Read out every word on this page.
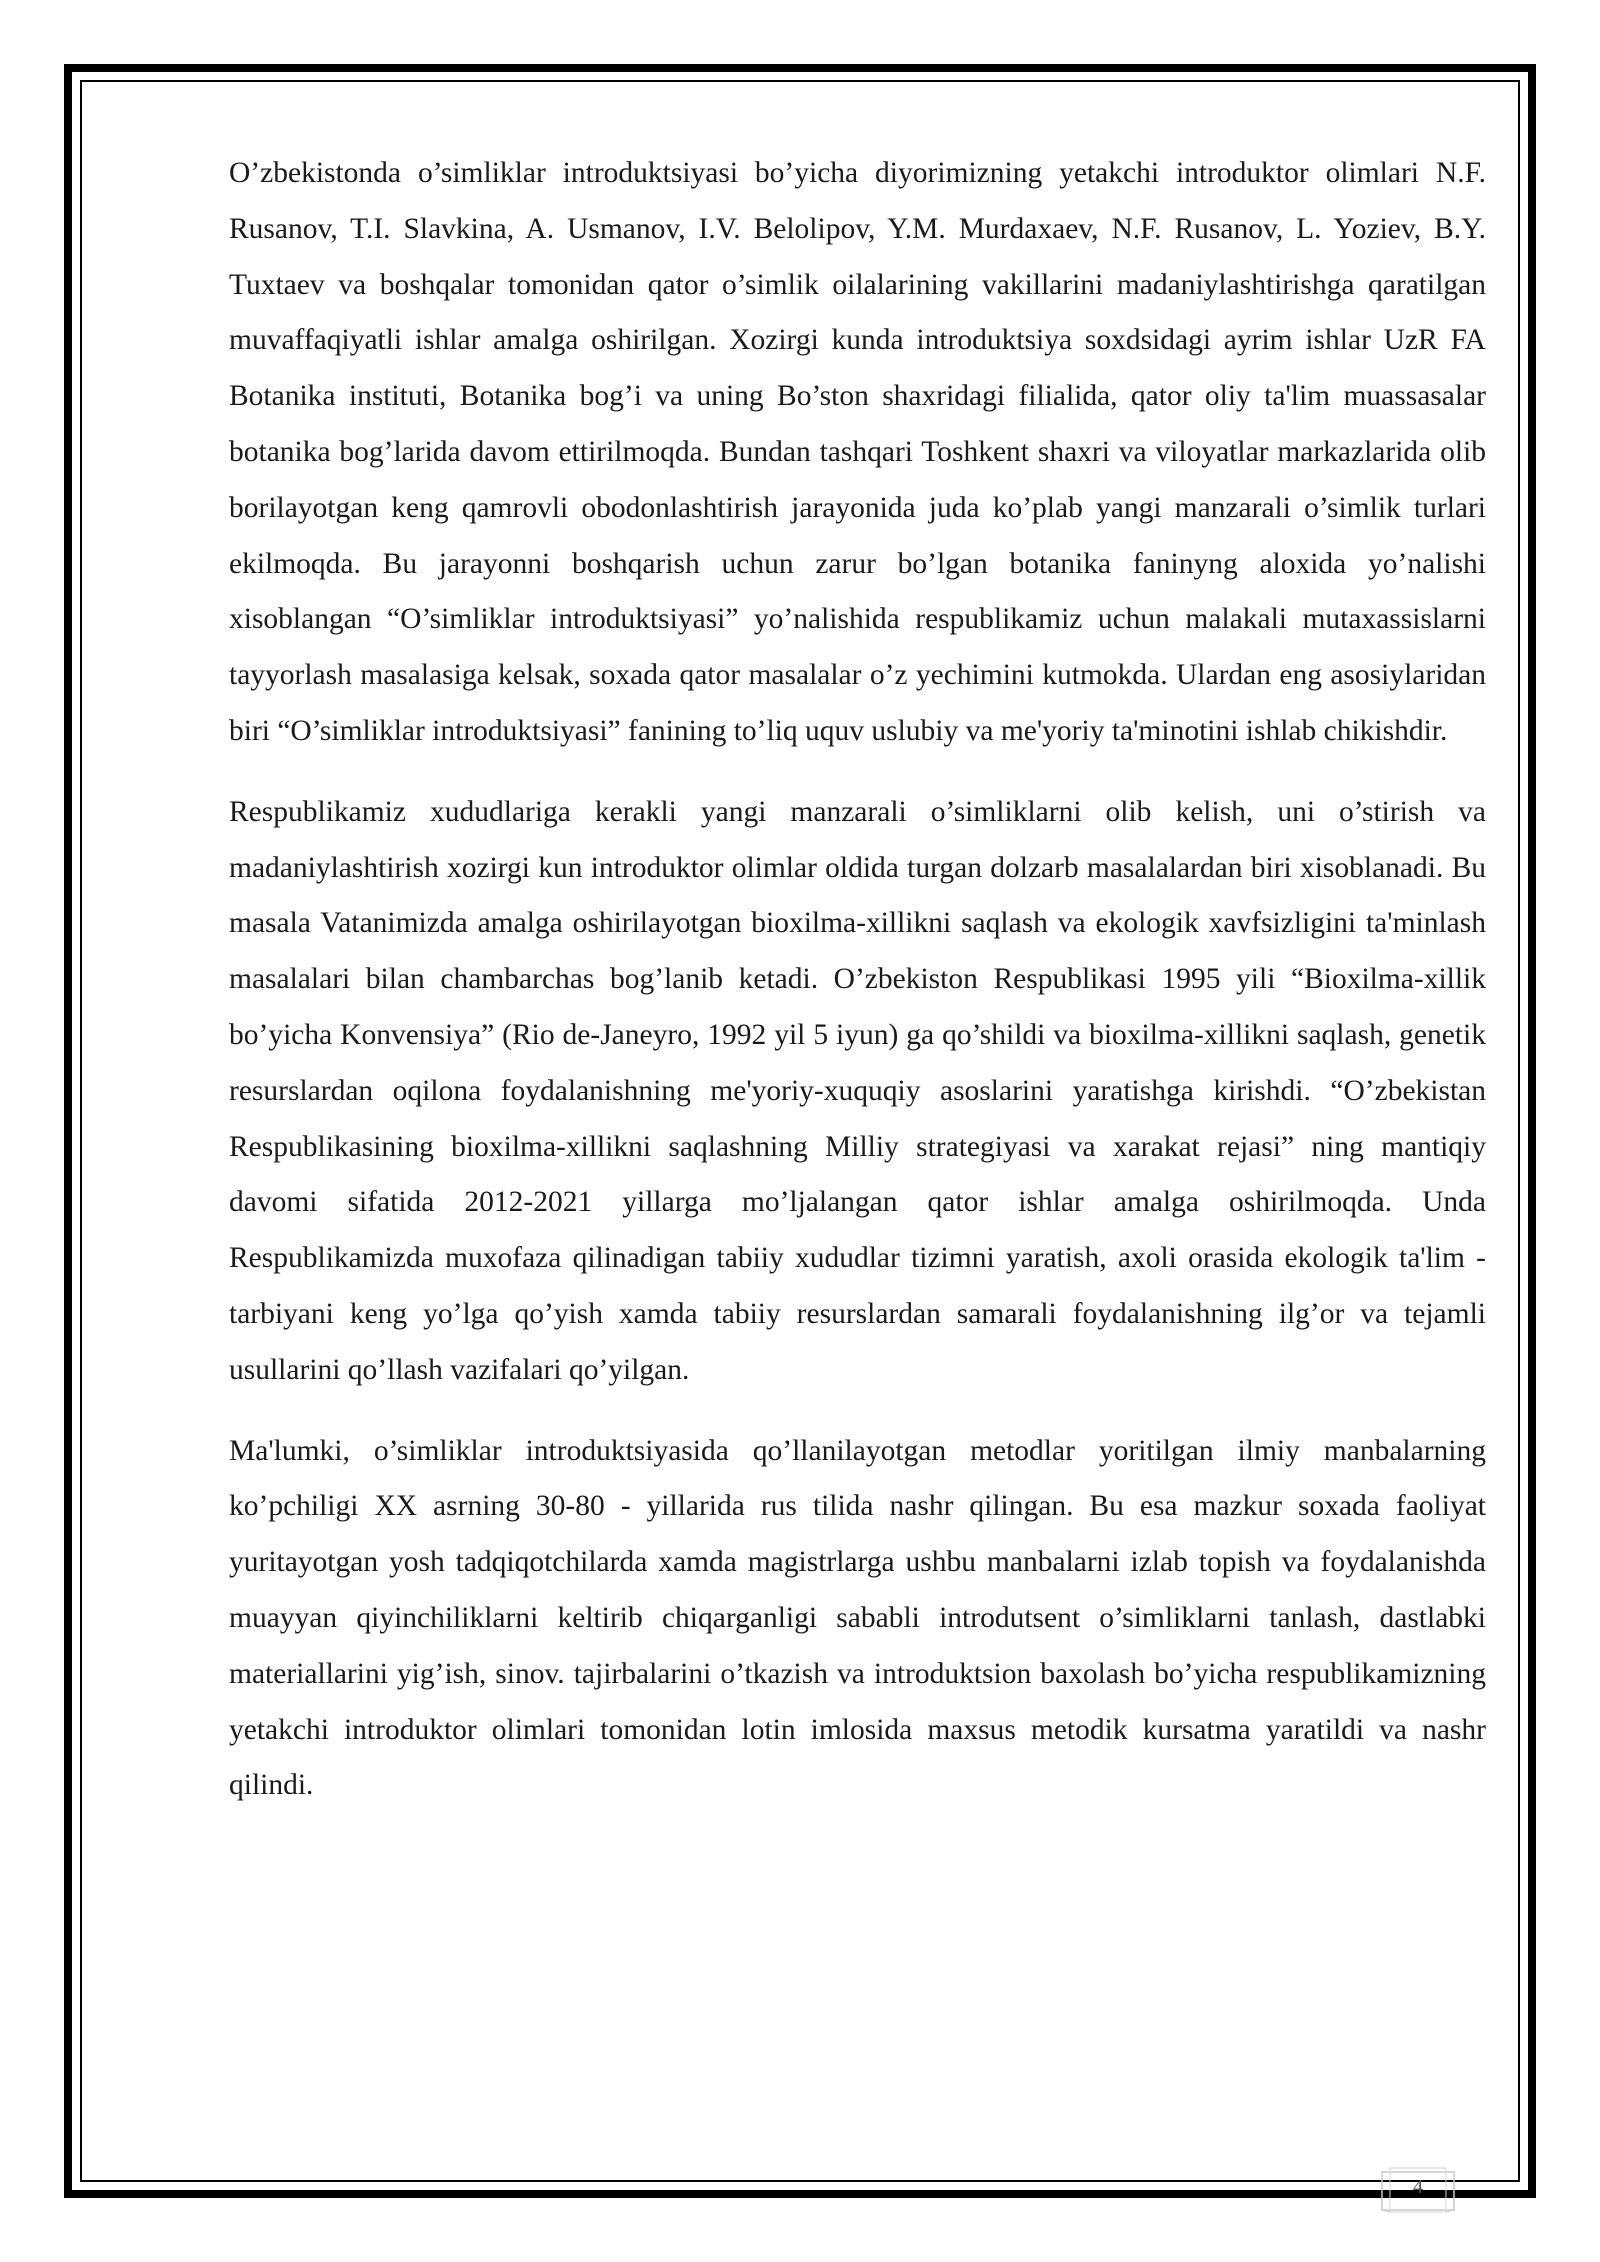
O’zbekistonda o’simliklar introduktsiyasi bo’yicha diyorimizning yetakchi introduktor olimlari N.F. Rusanov, T.I. Slavkina, A. Usmanov, I.V. Belolipov, Y.M. Murdaxaev, N.F. Rusanov, L. Yoziev, B.Y. Tuxtaev va boshqalar tomonidan qator o’simlik oilalarining vakillarini madaniylashtirishga qaratilgan muvaffaqiyatli ishlar amalga oshirilgan. Xozirgi kunda introduktsiya soxdsidagi ayrim ishlar UzR FA Botanika instituti, Botanika bog’i va uning Bo’ston shaxridagi filialida, qator oliy ta'lim muassasalar botanika bog’larida davom ettirilmoqda. Bundan tashqari Toshkent shaxri va viloyatlar markazlarida olib borilayotgan keng qamrovli obodonlashtirish jarayonida juda ko’plab yangi manzarali o’simlik turlari ekilmoqda. Bu jarayonni boshqarish uchun zarur bo’lgan botanika faninyng aloxida yo’nalishi xisoblangan “O’simliklar introduktsiyasi” yo’nalishida respublikamiz uchun malakali mutaxassislarni tayyorlash masalasiga kelsak, soxada qator masalalar o’z yechimini kutmokda. Ulardan eng asosiylaridan biri “O’simliklar introduktsiyasi” fanining to’liq uquv uslubiy va me'yoriy ta'minotini ishlab chikishdir.

Respublikamiz xududlariga kerakli yangi manzarali o’simliklarni olib kelish, uni o’stirish va madaniylashtirish xozirgi kun introduktor olimlar oldida turgan dolzarb masalalardan biri xisoblanadi. Bu masala Vatanimizda amalga oshirilayotgan bioxilma-xillikni saqlash va ekologik xavfsizligini ta'minlash masalalari bilan chambarchas bog’lanib ketadi. O’zbekiston Respublikasi 1995 yili “Bioxilma-xillik bo’yicha Konvensiya” (Rio de-Janeyro, 1992 yil 5 iyun) ga qo’shildi va bioxilma-xillikni saqlash, genetik resurslardan oqilona foydalanishning me'yoriy-xuquqiy asoslarini yaratishga kirishdi. “O’zbekistan Respublikasining bioxilma-xillikni saqlashning Milliy strategiyasi va xarakat rejasi” ning mantiqiy davomi sifatida 2012-2021 yillarga mo’ljalangan qator ishlar amalga oshirilmoqda. Unda Respublikamizda muxofaza qilinadigan tabiiy xududlar tizimni yaratish, axoli orasida ekologik ta'lim - tarbiyani keng yo’lga qo’yish xamda tabiiy resurslardan samarali foydalanishning ilg’or va tejamli usullarini qo’llash vazifalari qo’yilgan.

Ma'lumki, o’simliklar introduktsiyasida qo’llanilayotgan metodlar yoritilgan ilmiy manbalarning ko’pchiligi XX asrning 30-80 - yillarida rus tilida nashr qilingan. Bu esa mazkur soxada faoliyat yuritayotgan yosh tadqiqotchilarda xamda magistrlarga ushbu manbalarni izlab topish va foydalanishda muayyan qiyinchiliklarni keltirib chiqarganligi sababli introdutsent o’simliklarni tanlash, dastlabki materiallarini yig’ish, sinov. tajirbalarini o’tkazish va introduktsion baxolash bo’yicha respublikamizning yetakchi introduktor olimlari tomonidan lotin imlosida maxsus metodik kursatma yaratildi va nashr qilindi.

4
